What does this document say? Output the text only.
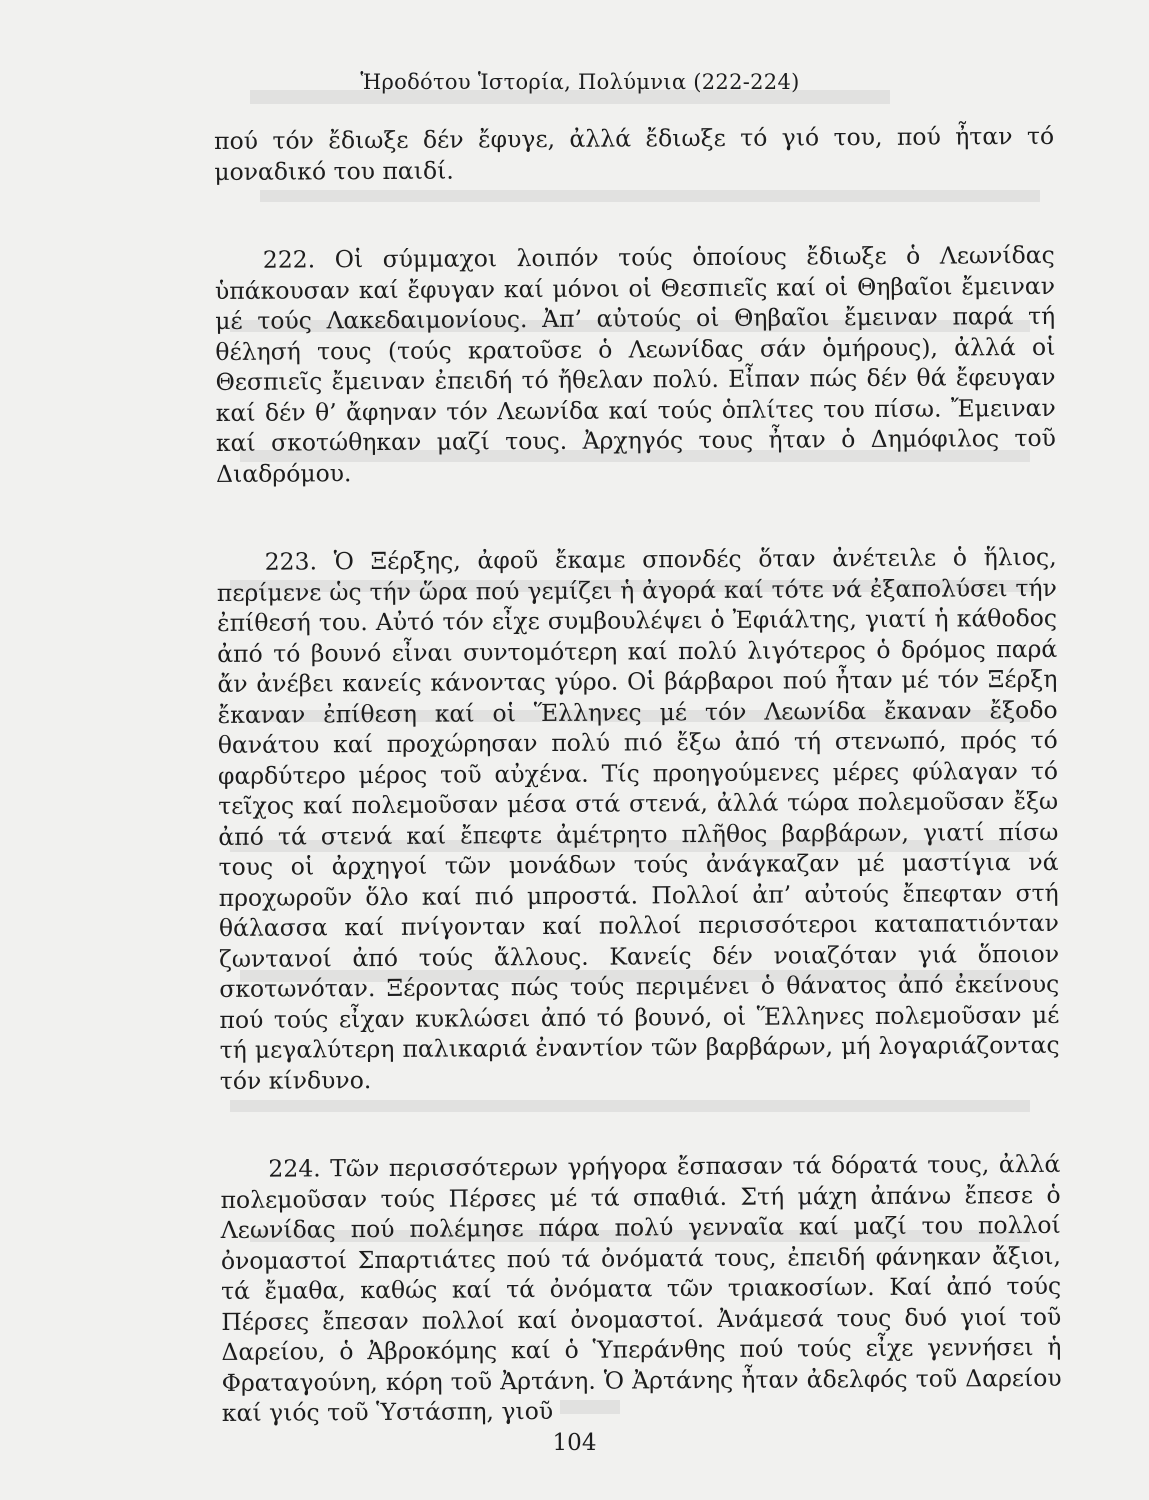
Ἡροδότου Ἱστορία, Πολύμνια (222-224)

πού τόν ἔδιωξε δέν ἔφυγε, ἀλλά ἔδιωξε τό γιό του, πού ἦταν τό μοναδικό του παιδί.

222. Οἱ σύμμαχοι λοιπόν τούς ὁποίους ἔδιωξε ὁ Λεωνίδας ὑπάκουσαν καί ἔφυγαν καί μόνοι οἱ Θεσπιεῖς καί οἱ Θηβαῖοι ἔμειναν μέ τούς Λακεδαιμονίους. Ἀπ’ αὐτούς οἱ Θηβαῖοι ἔμειναν παρά τή θέλησή τους (τούς κρατοῦσε ὁ Λεωνίδας σάν ὁμήρους), ἀλλά οἱ Θεσπιεῖς ἔμειναν ἐπειδή τό ἤθελαν πολύ. Εἶπαν πώς δέν θά ἔφευγαν καί δέν θ’ ἄφηναν τόν Λεωνίδα καί τούς ὁπλίτες του πίσω. Ἔμειναν καί σκοτώθηκαν μαζί τους. Ἀρχηγός τους ἦταν ὁ Δημόφιλος τοῦ Διαδρόμου.

223. Ὁ Ξέρξης, ἀφοῦ ἔκαμε σπονδές ὅταν ἀνέτειλε ὁ ἥλιος, περίμενε ὡς τήν ὥρα πού γεμίζει ἡ ἀγορά καί τότε νά ἐξαπολύσει τήν ἐπίθεσή του. Αὐτό τόν εἶχε συμβουλέψει ὁ Ἐφιάλτης, γιατί ἡ κάθοδος ἀπό τό βουνό εἶναι συντομότερη καί πολύ λιγότερος ὁ δρόμος παρά ἄν ἀνέβει κανείς κάνοντας γύρο. Οἱ βάρβαροι πού ἦταν μέ τόν Ξέρξη ἔκαναν ἐπίθεση καί οἱ Ἕλληνες μέ τόν Λεωνίδα ἔκαναν ἔξοδο θανάτου καί προχώρησαν πολύ πιό ἔξω ἀπό τή στενωπό, πρός τό φαρδύτερο μέρος τοῦ αὐχένα. Τίς προηγούμενες μέρες φύλαγαν τό τεῖχος καί πολεμοῦσαν μέσα στά στενά, ἀλλά τώρα πολεμοῦσαν ἔξω ἀπό τά στενά καί ἔπεφτε ἀμέτρητο πλῆθος βαρβάρων, γιατί πίσω τους οἱ ἀρχηγοί τῶν μονάδων τούς ἀνάγκαζαν μέ μαστίγια νά προχωροῦν ὅλο καί πιό μπροστά. Πολλοί ἀπ’ αὐτούς ἔπεφταν στή θάλασσα καί πνίγονταν καί πολλοί περισσότεροι καταπατιόνταν ζωντανοί ἀπό τούς ἄλλους. Κανείς δέν νοιαζόταν γιά ὅποιον σκοτωνόταν. Ξέροντας πώς τούς περιμένει ὁ θάνατος ἀπό ἐκείνους πού τούς εἶχαν κυκλώσει ἀπό τό βουνό, οἱ Ἕλληνες πολεμοῦσαν μέ τή μεγαλύτερη παλικαριά ἐναντίον τῶν βαρβάρων, μή λογαριάζοντας τόν κίνδυνο.

224. Τῶν περισσότερων γρήγορα ἔσπασαν τά δόρατά τους, ἀλλά πολεμοῦσαν τούς Πέρσες μέ τά σπαθιά. Στή μάχη ἀπάνω ἔπεσε ὁ Λεωνίδας πού πολέμησε πάρα πολύ γενναῖα καί μαζί του πολλοί ὀνομαστοί Σπαρτιάτες πού τά ὀνόματά τους, ἐπειδή φάνηκαν ἄξιοι, τά ἔμαθα, καθώς καί τά ὀνόματα τῶν τριακοσίων. Καί ἀπό τούς Πέρσες ἔπεσαν πολλοί καί ὀνομαστοί. Ἀνάμεσά τους δυό γιοί τοῦ Δαρείου, ὁ Ἀβροκόμης καί ὁ Ὑπεράνθης πού τούς εἶχε γεννήσει ἡ Φραταγούνη, κόρη τοῦ Ἀρτάνη. Ὁ Ἀρτάνης ἦταν ἀδελφός τοῦ Δαρείου καί γιός τοῦ Ὑστάσπη, γιοῦ

104
